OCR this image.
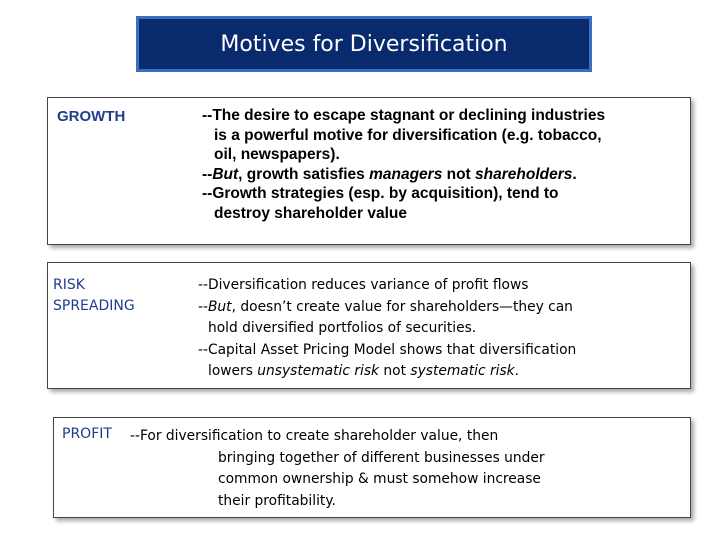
Motives for Diversification
GROWTH	--The desire to escape stagnant or declining industries
is a powerful motive for diversification (e.g. tobacco,
oil, newspapers).
--But, growth satisfies managers not shareholders.
--Growth strategies (esp. by acquisition), tend to
destroy shareholder value
RISK
SPREADING
--Diversification reduces variance of profit flows
--But, doesn’t create value for shareholders—they can
hold diversified portfolios of securities.
--Capital Asset Pricing Model shows that diversification
lowers unsystematic risk not systematic risk.
PROFIT --For diversification to create shareholder value, then
bringing together of different businesses under
common ownership & must somehow increase
their profitability.
